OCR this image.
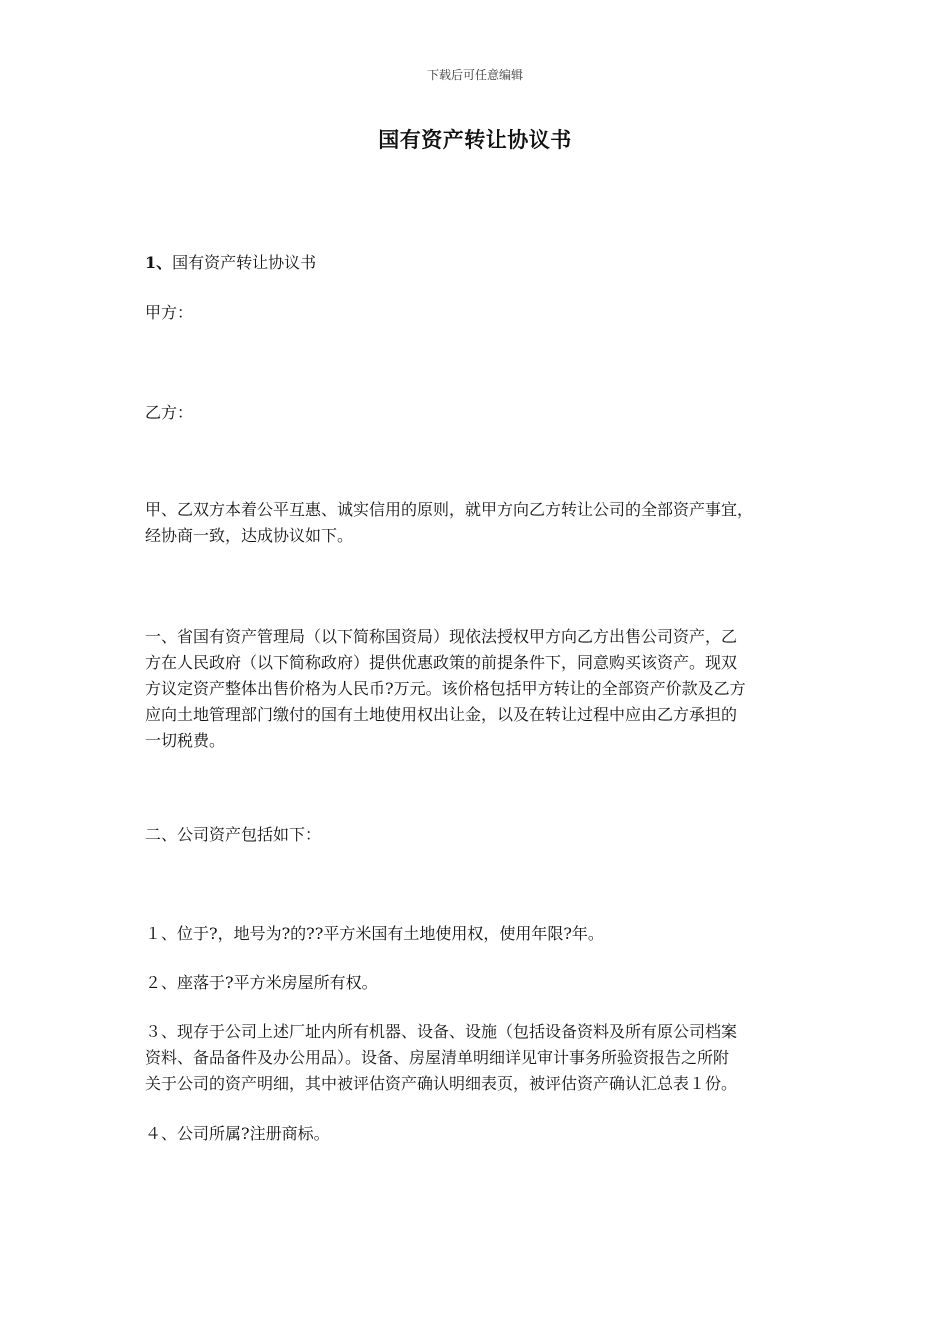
下载后可任意编辑
国有资产转让协议书
1、国有资产转让协议书
甲方：
乙方：
甲、乙双方本着公平互惠、诚实信用的原则，就甲方向乙方转让公司的全部资产事宜，
经协商一致，达成协议如下。
一、省国有资产管理局（以下简称国资局）现依法授权甲方向乙方出售公司资产，乙
方在人民政府（以下简称政府）提供优惠政策的前提条件下，同意购买该资产。现双
方议定资产整体出售价格为人民币?万元。该价格包括甲方转让的全部资产价款及乙方
应向土地管理部门缴付的国有土地使用权出让金，以及在转让过程中应由乙方承担的
一切税费。
二、公司资产包括如下：
１、位于?，地号为?的??平方米国有土地使用权，使用年限?年。
２、座落于?平方米房屋所有权。
３、现存于公司上述厂址内所有机器、设备、设施（包括设备资料及所有原公司档案
资料、备品备件及办公用品）。设备、房屋清单明细详见审计事务所验资报告之所附
关于公司的资产明细，其中被评估资产确认明细表页，被评估资产确认汇总表１份。
４、公司所属?注册商标。
